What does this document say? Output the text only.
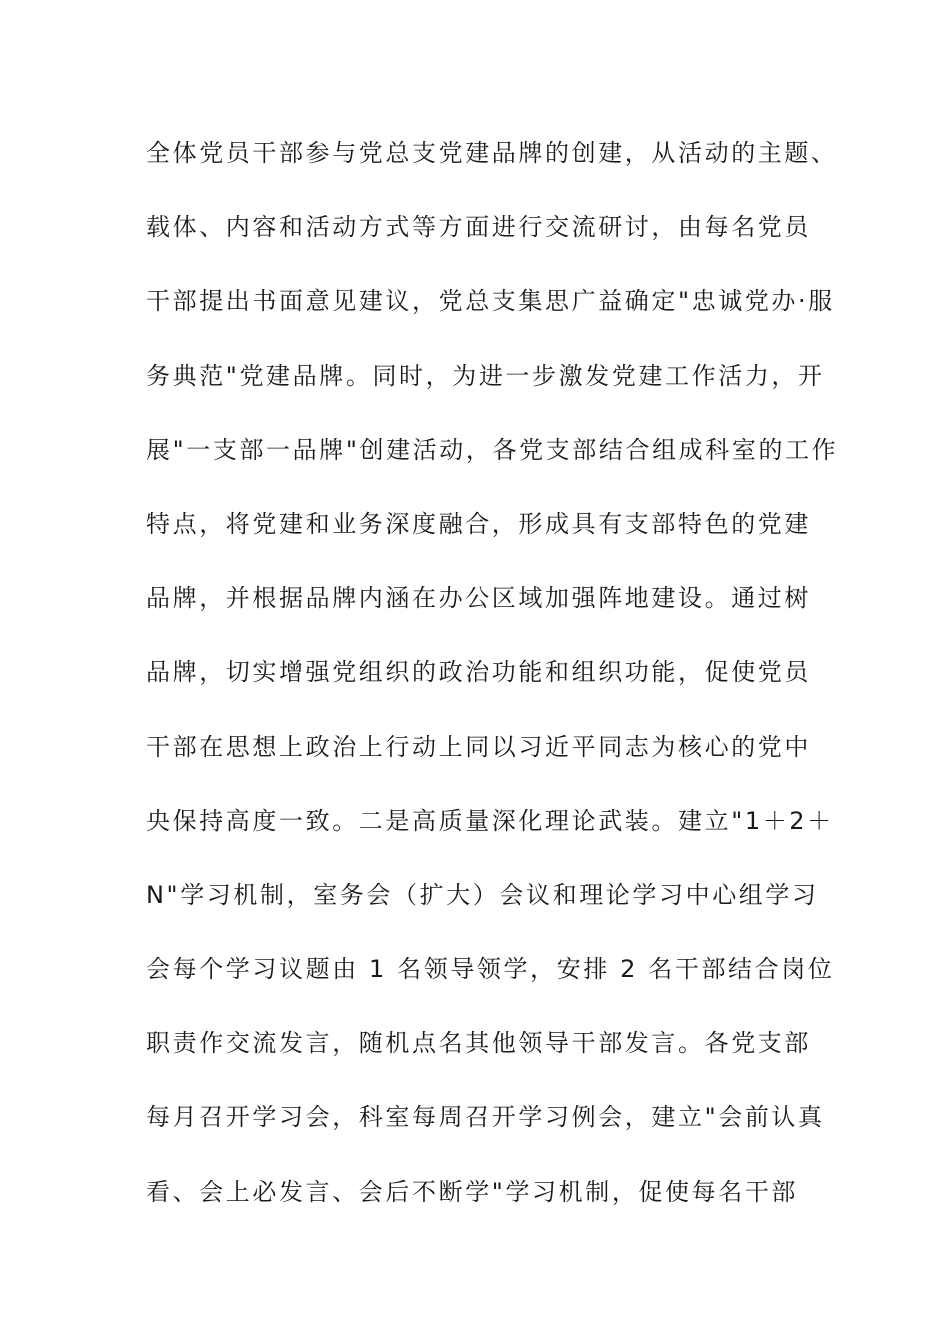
全体党员干部参与党总支党建品牌的创建，从活动的主题、
载体、内容和活动方式等方面进行交流研讨，由每名党员
干部提出书面意见建议，党总支集思广益确定"忠诚党办·服
务典范"党建品牌。同时，为进一步激发党建工作活力，开
展"一支部一品牌"创建活动，各党支部结合组成科室的工作
特点，将党建和业务深度融合，形成具有支部特色的党建
品牌，并根据品牌内涵在办公区域加强阵地建设。通过树
品牌，切实增强党组织的政治功能和组织功能，促使党员
干部在思想上政治上行动上同以习近平同志为核心的党中
央保持高度一致。二是高质量深化理论武装。建立"1＋2＋
N"学习机制，室务会（扩大）会议和理论学习中心组学习
会每个学习议题由 1 名领导领学，安排 2 名干部结合岗位
职责作交流发言，随机点名其他领导干部发言。各党支部
每月召开学习会，科室每周召开学习例会，建立"会前认真
看、会上必发言、会后不断学"学习机制，促使每名干部
